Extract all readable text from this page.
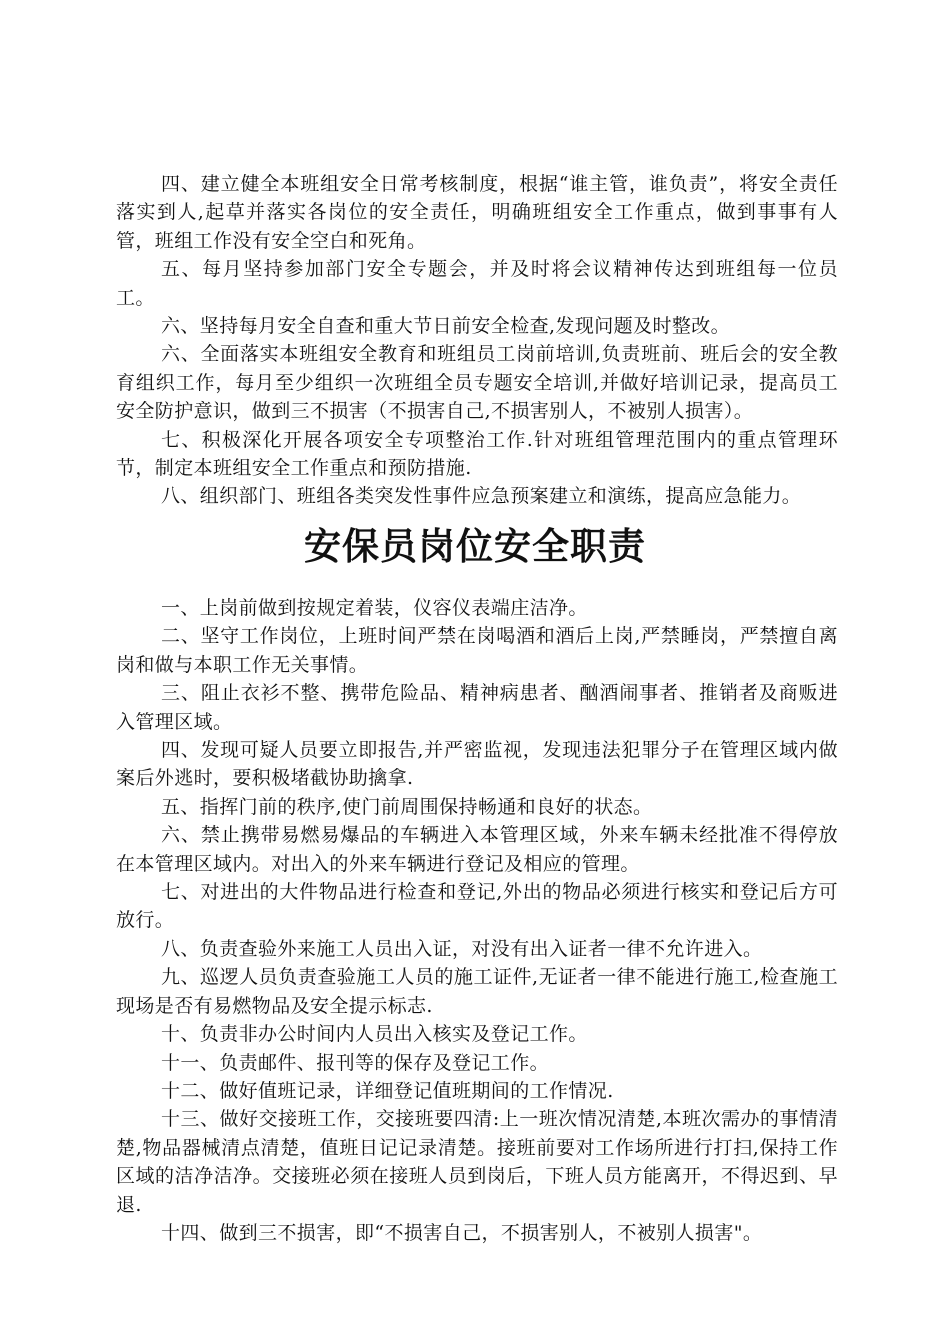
四、建立健全本班组安全日常考核制度，根据“谁主管，谁负责”，将安全责任落实到人,起草并落实各岗位的安全责任，明确班组安全工作重点，做到事事有人管，班组工作没有安全空白和死角。

五、每月坚持参加部门安全专题会，并及时将会议精神传达到班组每一位员工。

六、坚持每月安全自查和重大节日前安全检查,发现问题及时整改。

六、全面落实本班组安全教育和班组员工岗前培训,负责班前、班后会的安全教育组织工作，每月至少组织一次班组全员专题安全培训,并做好培训记录，提高员工安全防护意识，做到三不损害（不损害自己,不损害别人，不被别人损害）。

七、积极深化开展各项安全专项整治工作.针对班组管理范围内的重点管理环节，制定本班组安全工作重点和预防措施.

八、组织部门、班组各类突发性事件应急预案建立和演练，提高应急能力。

安保员岗位安全职责

一、上岗前做到按规定着装，仪容仪表端庄洁净。

二、坚守工作岗位，上班时间严禁在岗喝酒和酒后上岗,严禁睡岗，严禁擅自离岗和做与本职工作无关事情。

三、阻止衣衫不整、携带危险品、精神病患者、酗酒闹事者、推销者及商贩进入管理区域。

四、发现可疑人员要立即报告,并严密监视，发现违法犯罪分子在管理区域内做案后外逃时，要积极堵截协助擒拿.

五、指挥门前的秩序,使门前周围保持畅通和良好的状态。

六、禁止携带易燃易爆品的车辆进入本管理区域，外来车辆未经批准不得停放在本管理区域内。对出入的外来车辆进行登记及相应的管理。

七、对进出的大件物品进行检查和登记,外出的物品必须进行核实和登记后方可放行。

八、负责查验外来施工人员出入证，对没有出入证者一律不允许进入。

九、巡逻人员负责查验施工人员的施工证件,无证者一律不能进行施工,检查施工现场是否有易燃物品及安全提示标志.

十、负责非办公时间内人员出入核实及登记工作。

十一、负责邮件、报刊等的保存及登记工作。

十二、做好值班记录，详细登记值班期间的工作情况.

十三、做好交接班工作，交接班要四清:上一班次情况清楚,本班次需办的事情清楚,物品器械清点清楚，值班日记记录清楚。接班前要对工作场所进行打扫,保持工作区域的洁净洁净。交接班必须在接班人员到岗后，下班人员方能离开，不得迟到、早退.

十四、做到三不损害，即“不损害自己，不损害别人，不被别人损害"。
